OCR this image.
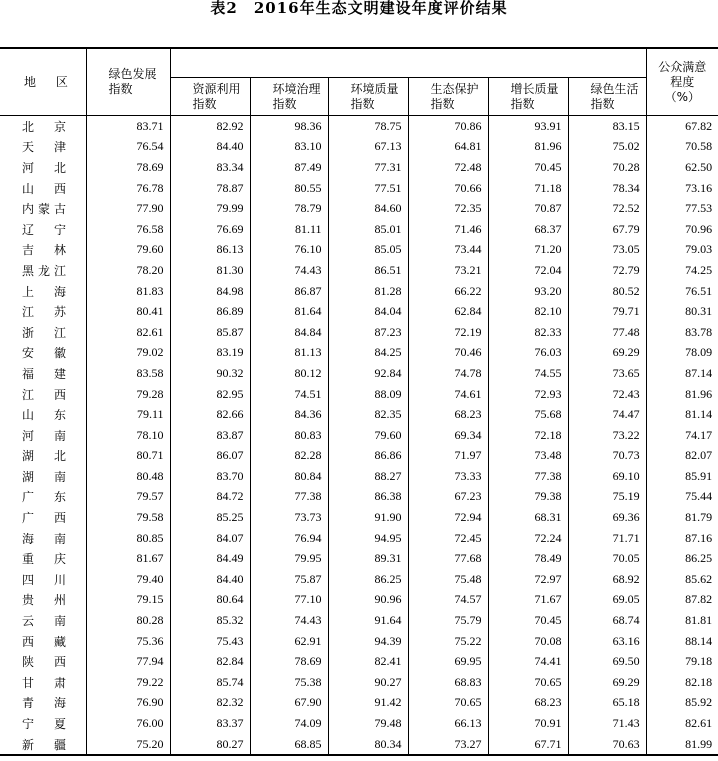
表2　2016年生态文明建设年度评价结果
地 区	绿色发展指数							公众满意程度（%）

		资源利用指数	环境治理指数	环境质量指数	生态保护指数	增长质量指数	绿色生活指数	

北京	83.71	82.92	98.36	78.75	70.86	93.91	83.15	67.82
天津	76.54	84.40	83.10	67.13	64.81	81.96	75.02	70.58
河北	78.69	83.34	87.49	77.31	72.48	70.45	70.28	62.50
山西	76.78	78.87	80.55	77.51	70.66	71.18	78.34	73.16
内蒙古	77.90	79.99	78.79	84.60	72.35	70.87	72.52	77.53
辽宁	76.58	76.69	81.11	85.01	71.46	68.37	67.79	70.96
吉林	79.60	86.13	76.10	85.05	73.44	71.20	73.05	79.03
黑龙江	78.20	81.30	74.43	86.51	73.21	72.04	72.79	74.25
上海	81.83	84.98	86.87	81.28	66.22	93.20	80.52	76.51
江苏	80.41	86.89	81.64	84.04	62.84	82.10	79.71	80.31
浙江	82.61	85.87	84.84	87.23	72.19	82.33	77.48	83.78
安徽	79.02	83.19	81.13	84.25	70.46	76.03	69.29	78.09
福建	83.58	90.32	80.12	92.84	74.78	74.55	73.65	87.14
江西	79.28	82.95	74.51	88.09	74.61	72.93	72.43	81.96
山东	79.11	82.66	84.36	82.35	68.23	75.68	74.47	81.14
河南	78.10	83.87	80.83	79.60	69.34	72.18	73.22	74.17
湖北	80.71	86.07	82.28	86.86	71.97	73.48	70.73	82.07
湖南	80.48	83.70	80.84	88.27	73.33	77.38	69.10	85.91
广东	79.57	84.72	77.38	86.38	67.23	79.38	75.19	75.44
广西	79.58	85.25	73.73	91.90	72.94	68.31	69.36	81.79
海南	80.85	84.07	76.94	94.95	72.45	72.24	71.71	87.16
重庆	81.67	84.49	79.95	89.31	77.68	78.49	70.05	86.25
四川	79.40	84.40	75.87	86.25	75.48	72.97	68.92	85.62
贵州	79.15	80.64	77.10	90.96	74.57	71.67	69.05	87.82
云南	80.28	85.32	74.43	91.64	75.79	70.45	68.74	81.81
西藏	75.36	75.43	62.91	94.39	75.22	70.08	63.16	88.14
陕西	77.94	82.84	78.69	82.41	69.95	74.41	69.50	79.18
甘肃	79.22	85.74	75.38	90.27	68.83	70.65	69.29	82.18
青海	76.90	82.32	67.90	91.42	70.65	68.23	65.18	85.92
宁夏	76.00	83.37	74.09	79.48	66.13	70.91	71.43	82.61
新疆	75.20	80.27	68.85	80.34	73.27	67.71	70.63	81.99
